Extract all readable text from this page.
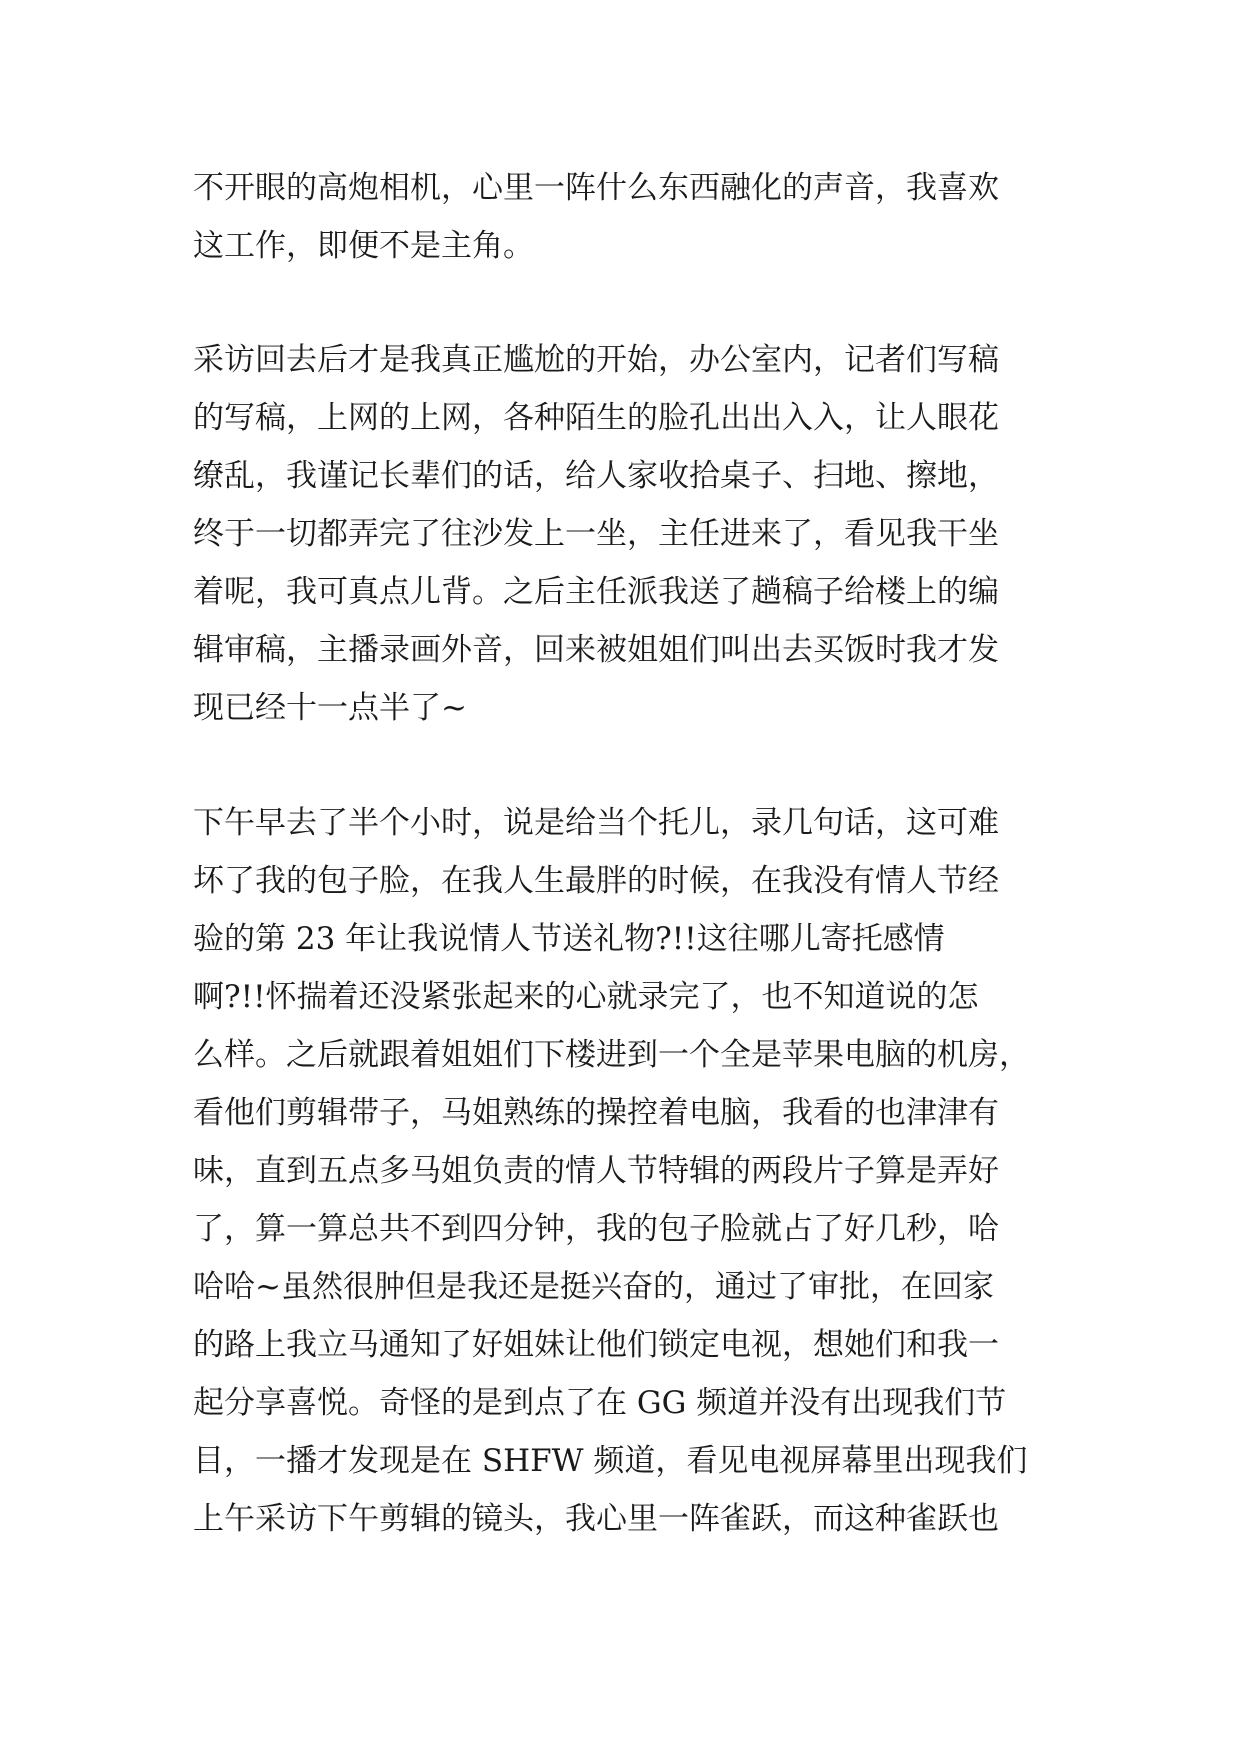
不开眼的高炮相机，心里一阵什么东西融化的声音，我喜欢
这工作，即便不是主角。
采访回去后才是我真正尴尬的开始，办公室内，记者们写稿
的写稿，上网的上网，各种陌生的脸孔出出入入，让人眼花
缭乱，我谨记长辈们的话，给人家收拾桌子、扫地、擦地，
终于一切都弄完了往沙发上一坐，主任进来了，看见我干坐
着呢，我可真点儿背。之后主任派我送了趟稿子给楼上的编
辑审稿，主播录画外音，回来被姐姐们叫出去买饭时我才发
现已经十一点半了~
下午早去了半个小时，说是给当个托儿，录几句话，这可难
坏了我的包子脸，在我人生最胖的时候，在我没有情人节经
验的第 23 年让我说情人节送礼物?!!这往哪儿寄托感情
啊?!!怀揣着还没紧张起来的心就录完了，也不知道说的怎
么样。之后就跟着姐姐们下楼进到一个全是苹果电脑的机房，
看他们剪辑带子，马姐熟练的操控着电脑，我看的也津津有
味，直到五点多马姐负责的情人节特辑的两段片子算是弄好
了，算一算总共不到四分钟，我的包子脸就占了好几秒，哈
哈哈~虽然很肿但是我还是挺兴奋的，通过了审批，在回家
的路上我立马通知了好姐妹让他们锁定电视，想她们和我一
起分享喜悦。奇怪的是到点了在 GG 频道并没有出现我们节
目，一播才发现是在 SHFW 频道，看见电视屏幕里出现我们
上午采访下午剪辑的镜头，我心里一阵雀跃，而这种雀跃也
